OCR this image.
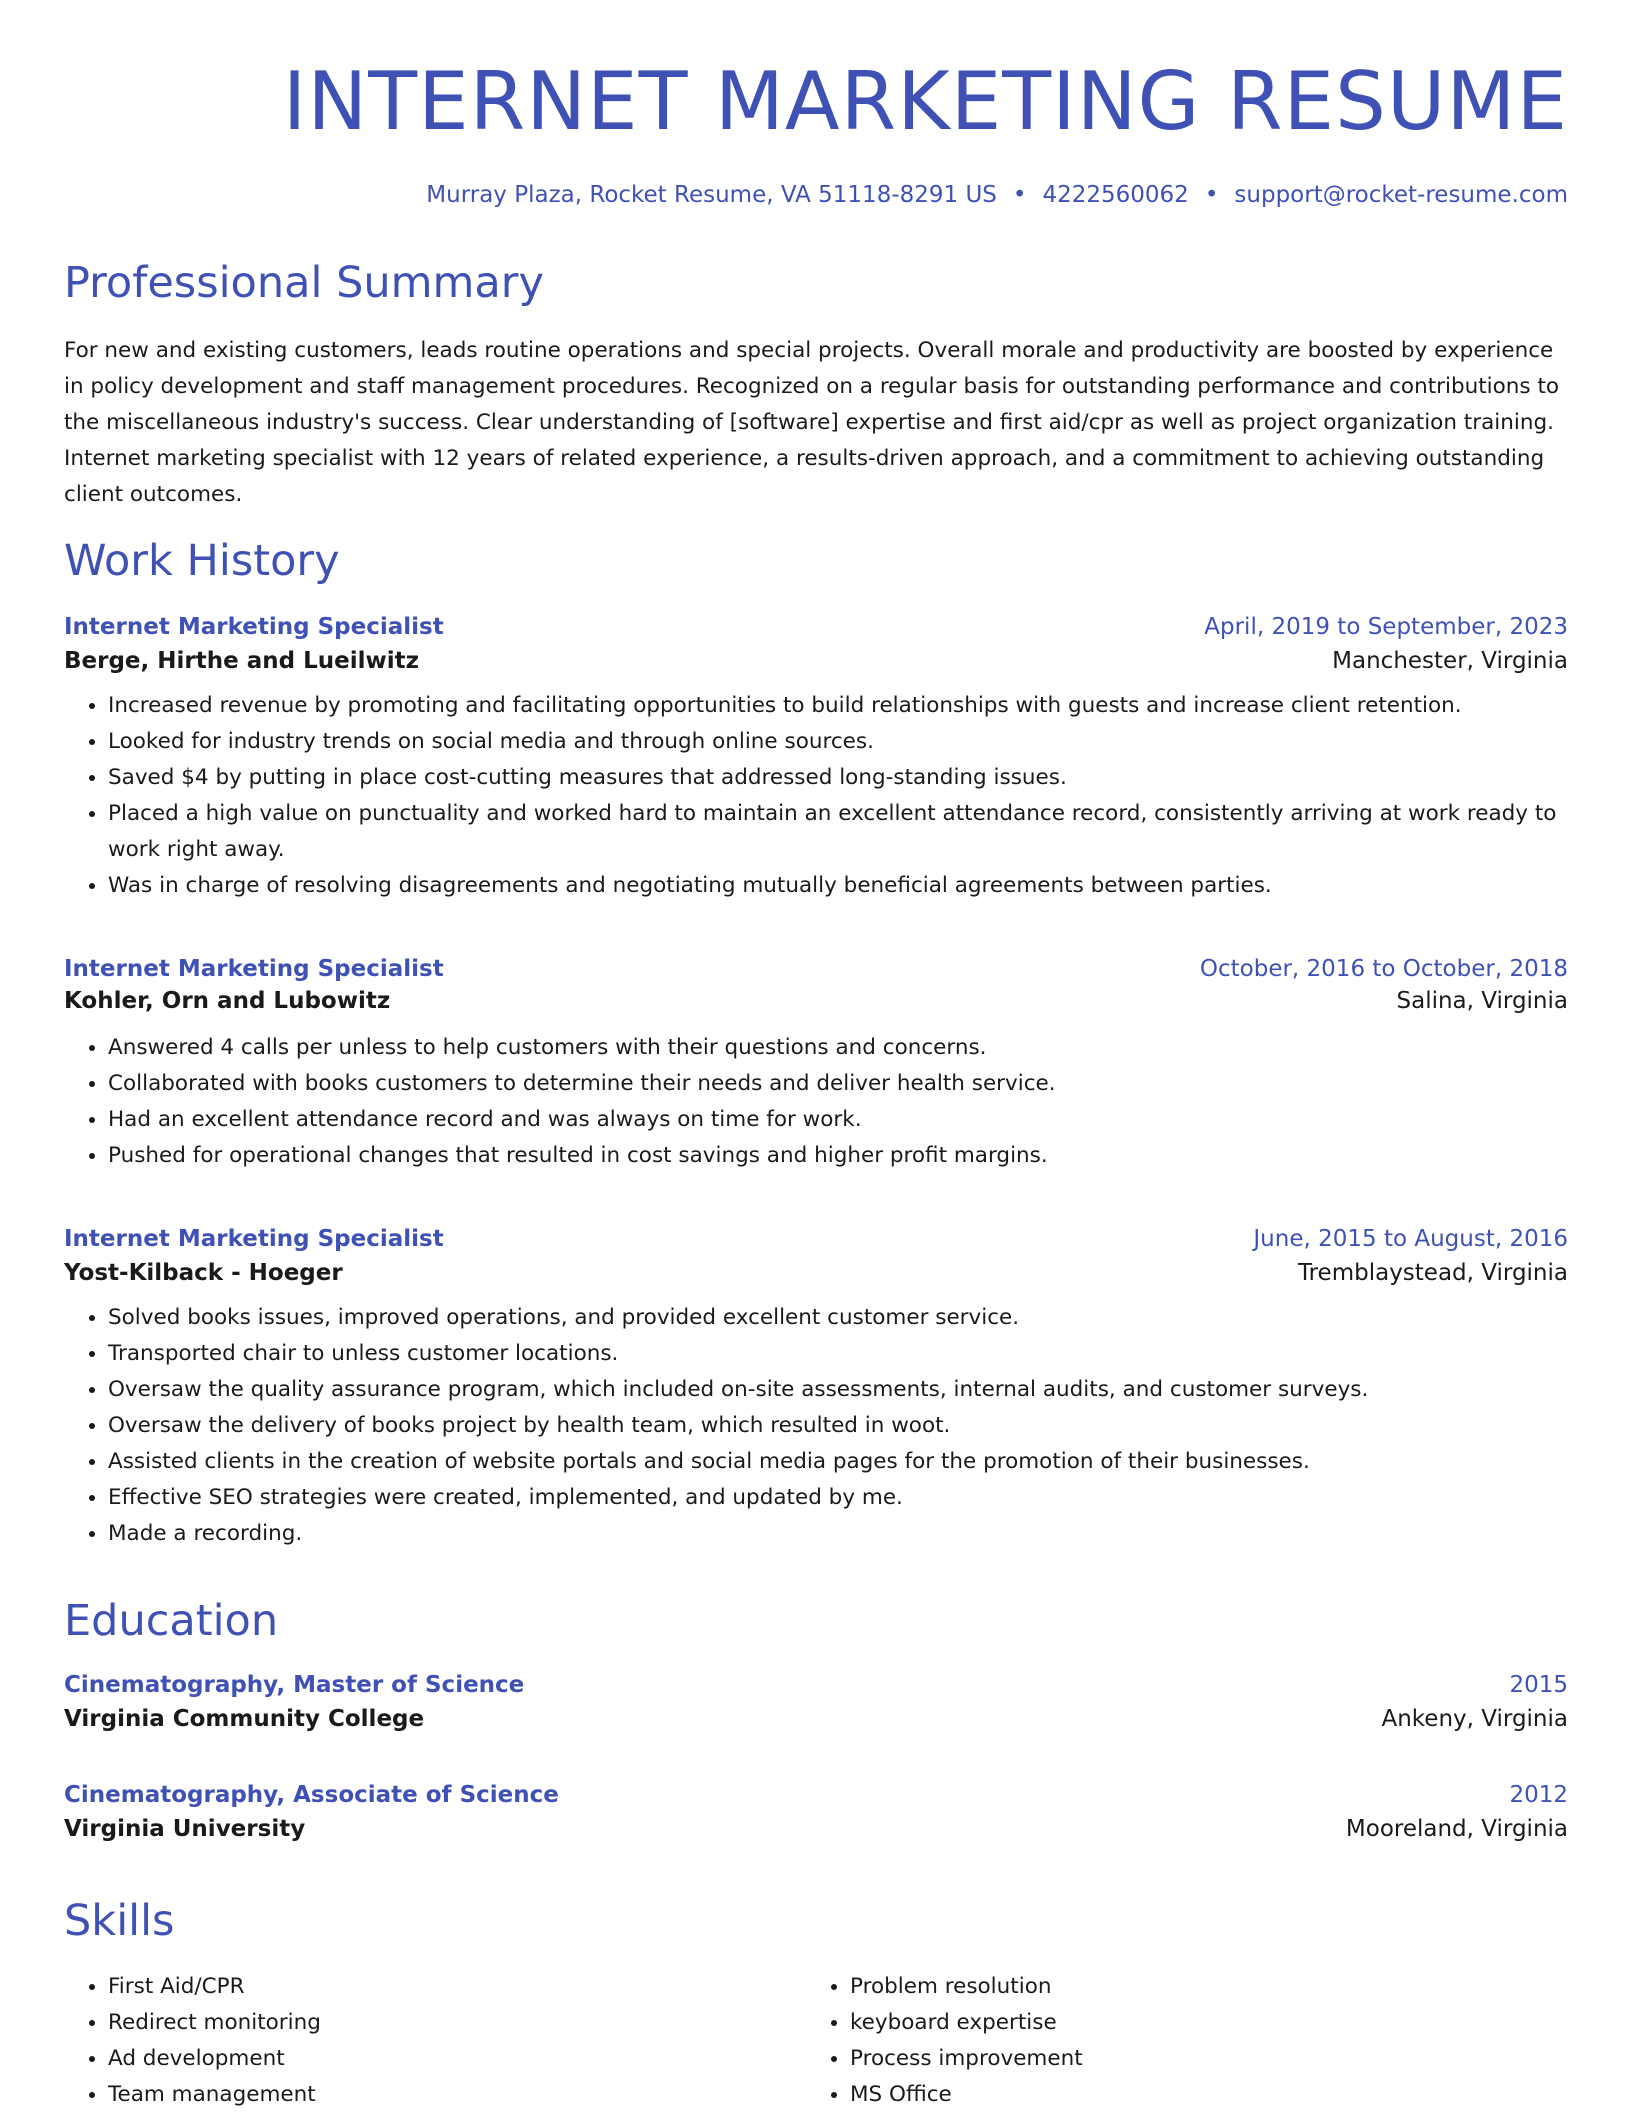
INTERNET MARKETING RESUME
Murray Plaza, Rocket Resume, VA 51118-8291 US • 4222560062 • support@rocket-resume.com
Professional Summary

For new and existing customers, leads routine operations and special projects. Overall morale and productivity are boosted by experience in policy development and staff management procedures. Recognized on a regular basis for outstanding performance and contributions to the miscellaneous industry's success. Clear understanding of [software] expertise and first aid/cpr as well as project organization training. Internet marketing specialist with 12 years of related experience, a results-driven approach, and a commitment to achieving outstanding client outcomes.

Work History
Internet Marketing Specialist	April, 2019 to September, 2023
Berge, Hirthe and Lueilwitz	Manchester, Virginia
• Increased revenue by promoting and facilitating opportunities to build relationships with guests and increase client retention.
• Looked for industry trends on social media and through online sources.
• Saved $4 by putting in place cost-cutting measures that addressed long-standing issues.
• Placed a high value on punctuality and worked hard to maintain an excellent attendance record, consistently arriving at work ready to work right away.
• Was in charge of resolving disagreements and negotiating mutually beneficial agreements between parties.
Internet Marketing Specialist	October, 2016 to October, 2018
Kohler, Orn and Lubowitz	Salina, Virginia
• Answered 4 calls per unless to help customers with their questions and concerns.
• Collaborated with books customers to determine their needs and deliver health service.
• Had an excellent attendance record and was always on time for work.
• Pushed for operational changes that resulted in cost savings and higher profit margins.
Internet Marketing Specialist	June, 2015 to August, 2016
Yost-Kilback - Hoeger	Tremblaystead, Virginia
• Solved books issues, improved operations, and provided excellent customer service.
• Transported chair to unless customer locations.
• Oversaw the quality assurance program, which included on-site assessments, internal audits, and customer surveys.
• Oversaw the delivery of books project by health team, which resulted in woot.
• Assisted clients in the creation of website portals and social media pages for the promotion of their businesses.
• Effective SEO strategies were created, implemented, and updated by me.
• Made a recording.
Education
Cinematography, Master of Science	2015
Virginia Community College	Ankeny, Virginia
Cinematography, Associate of Science	2012
Virginia University	Mooreland, Virginia
Skills
• First Aid/CPR
• Redirect monitoring
• Ad development
• Team management
• Problem resolution
• keyboard expertise
• Process improvement
• MS Office
